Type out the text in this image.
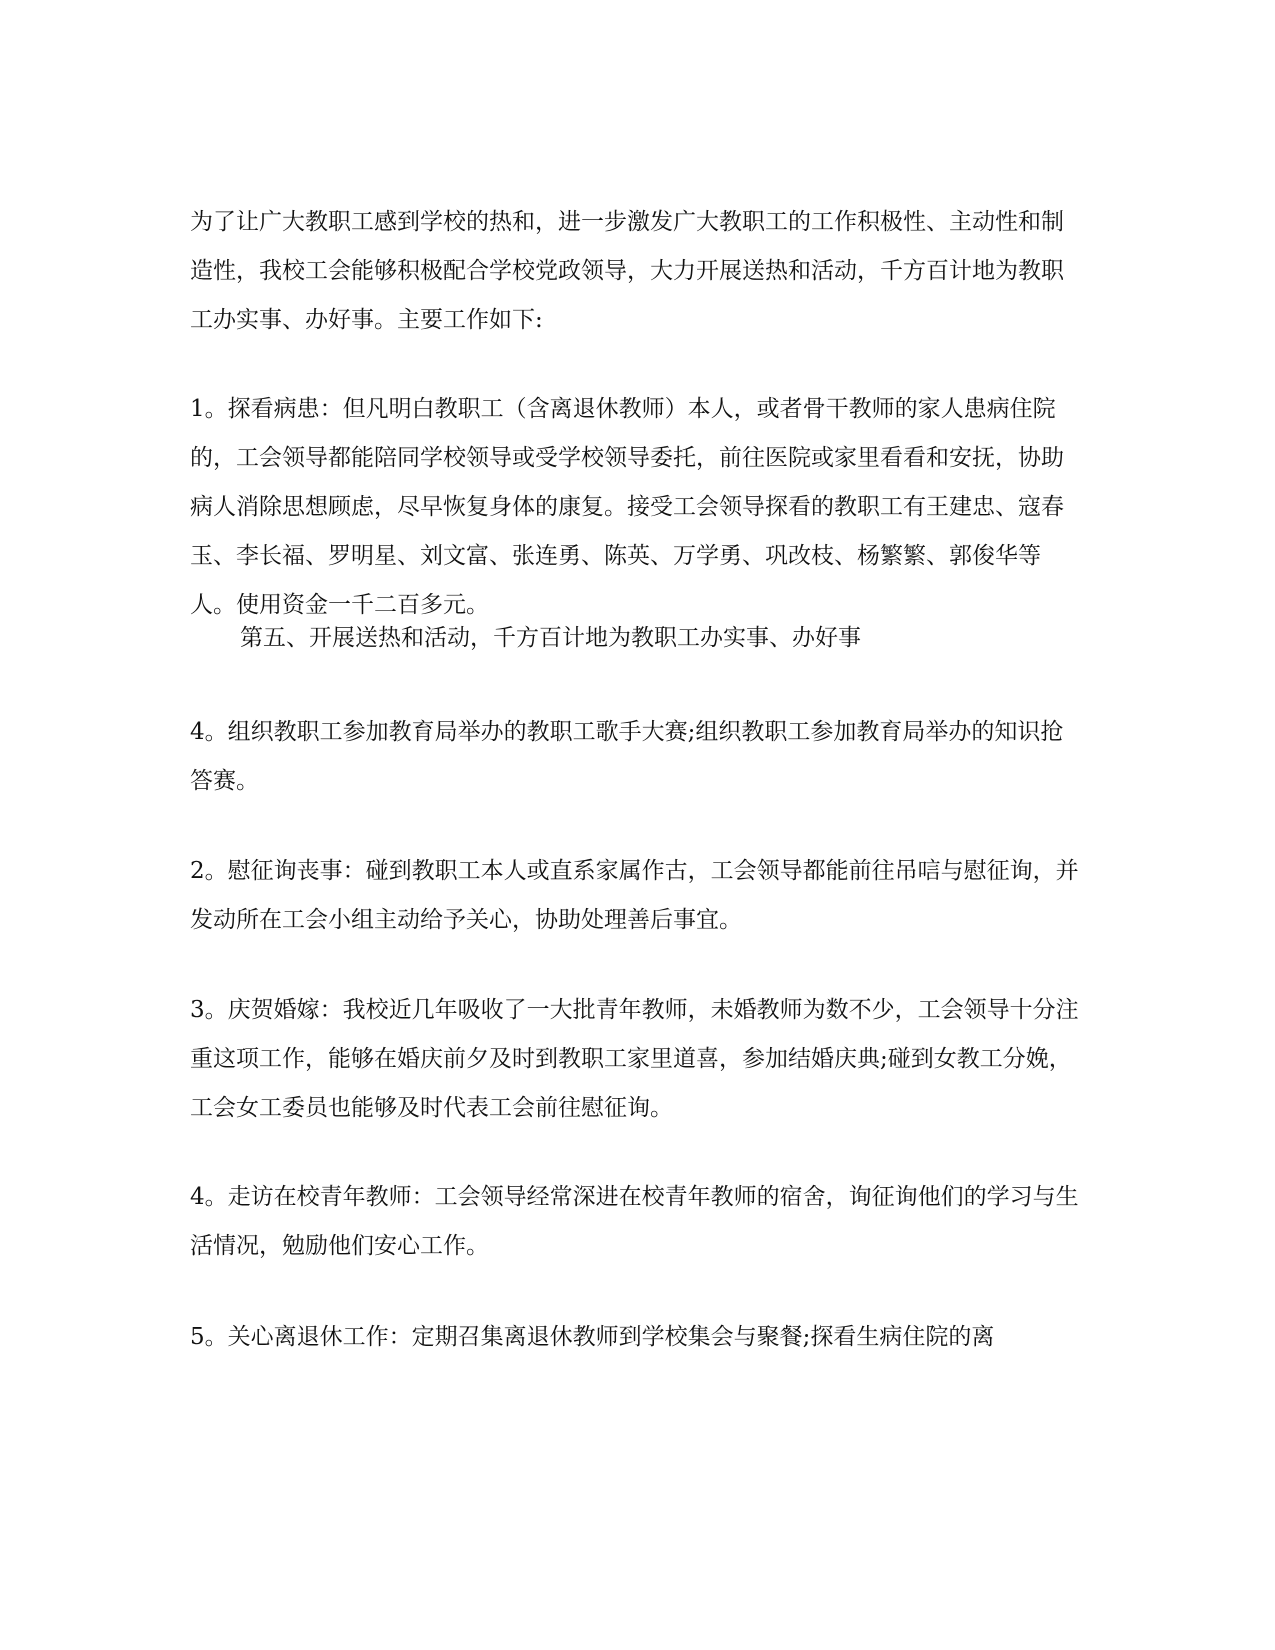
为了让广大教职工感到学校的热和，进一步激发广大教职工的工作积极性、主动性和制造性，我校工会能够积极配合学校党政领导，大力开展送热和活动，千方百计地为教职工办实事、办好事。主要工作如下:

1。探看病患：但凡明白教职工（含离退休教师）本人，或者骨干教师的家人患病住院的，工会领导都能陪同学校领导或受学校领导委托，前往医院或家里看看和安抚，协助病人消除思想顾虑，尽早恢复身体的康复。接受工会领导探看的教职工有王建忠、寇春玉、李长福、罗明星、刘文富、张连勇、陈英、万学勇、巩改枝、杨繁繁、郭俊华等人。使用资金一千二百多元。

第五、开展送热和活动，千方百计地为教职工办实事、办好事

4。组织教职工参加教育局举办的教职工歌手大赛;组织教职工参加教育局举办的知识抢答赛。

2。慰征询丧事：碰到教职工本人或直系家属作古，工会领导都能前往吊唁与慰征询，并发动所在工会小组主动给予关心，协助处理善后事宜。

3。庆贺婚嫁：我校近几年吸收了一大批青年教师，未婚教师为数不少，工会领导十分注重这项工作，能够在婚庆前夕及时到教职工家里道喜，参加结婚庆典;碰到女教工分娩，工会女工委员也能够及时代表工会前往慰征询。

4。走访在校青年教师：工会领导经常深进在校青年教师的宿舍，询征询他们的学习与生活情况，勉励他们安心工作。

5。关心离退休工作：定期召集离退休教师到学校集会与聚餐;探看生病住院的离
